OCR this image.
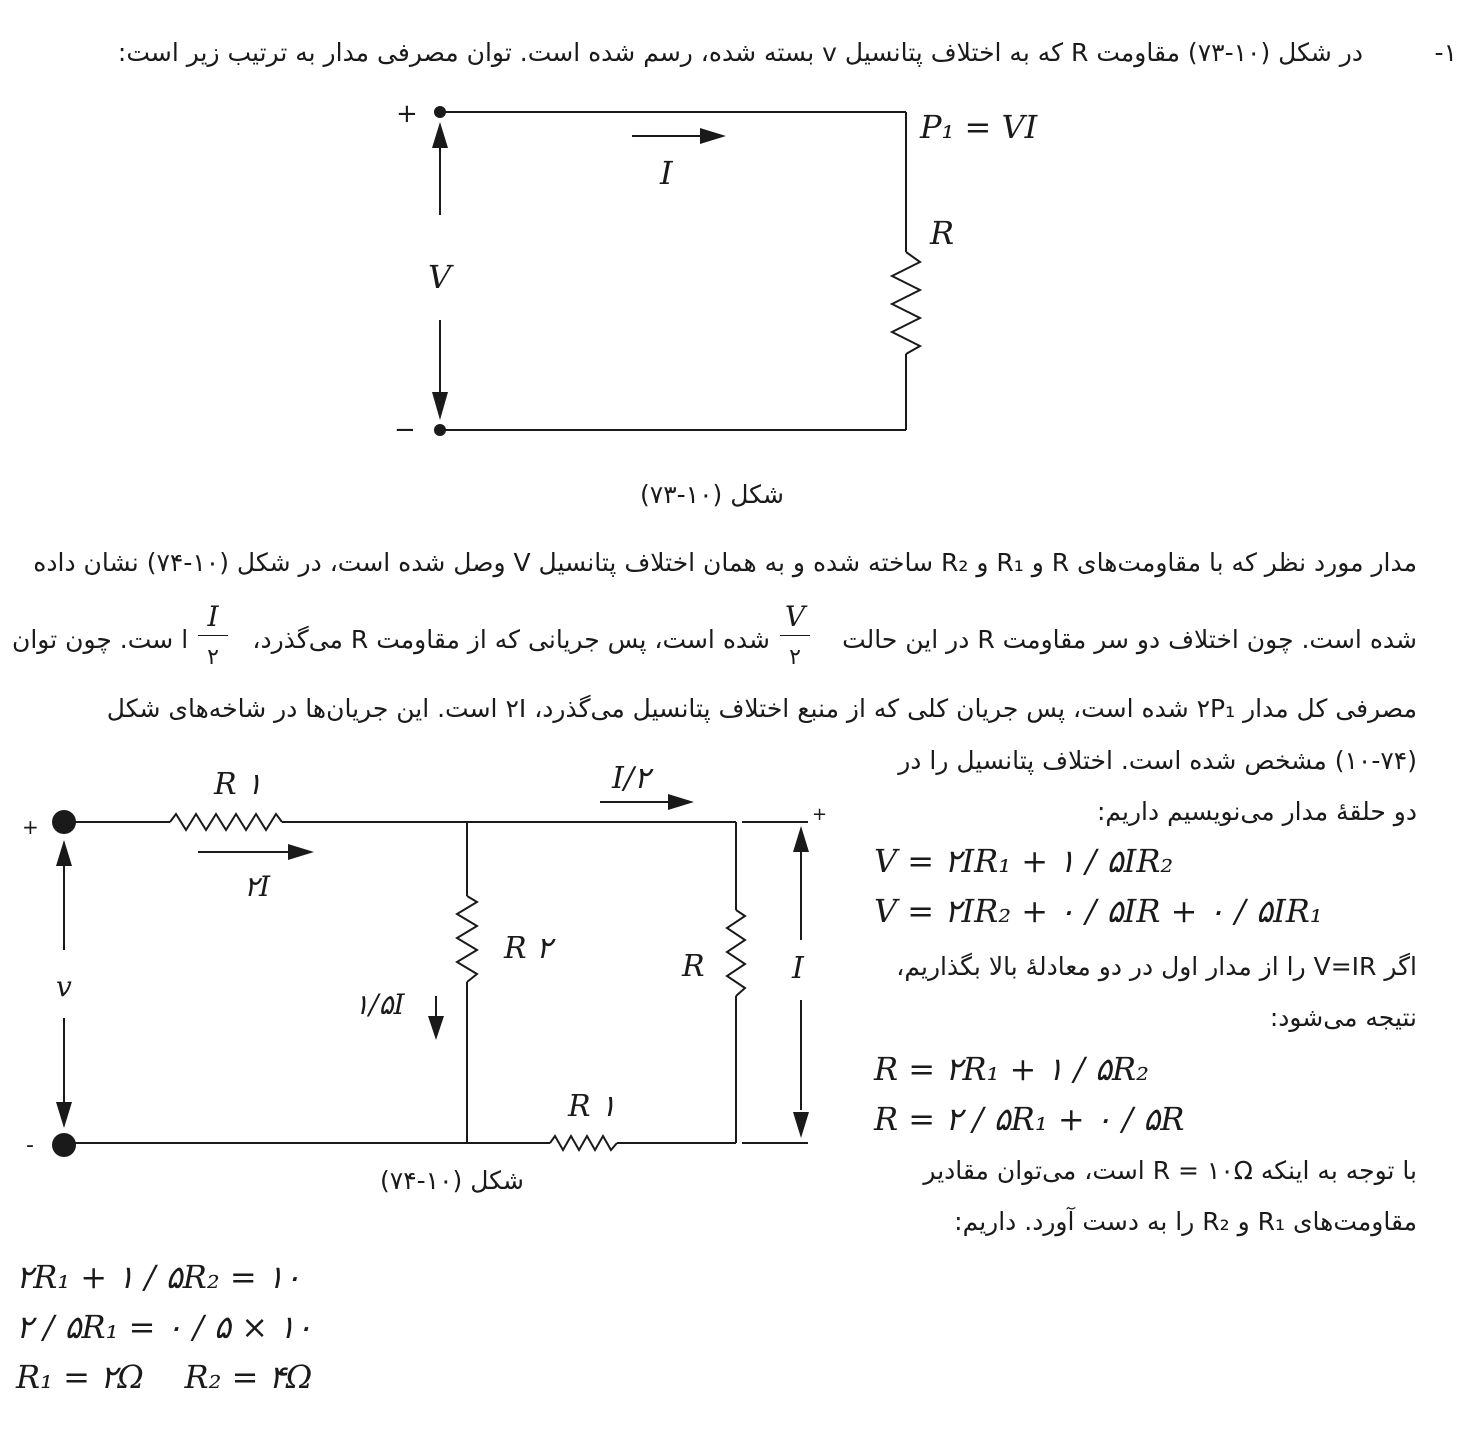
-۱
در شکل (۱۰-۷۳) مقاومت R که به اختلاف پتانسیل v بسته شده، رسم شده است. توان مصرفی مدار به ترتیب زیر است:
+
−
I
V
P₁ = VI
R
شکل (۱۰-۷۳)
مدار مورد نظر که با مقاومت‌های R و R₁ و R₂ ساخته شده و به همان اختلاف پتانسیل V وصل شده است، در شکل (۱۰-۷۴) نشان داده
شده است. چون اختلاف دو سر مقاومت R در این حالت
V
۲
شده است، پس جریانی که از مقاومت R می‌گذرد،
I
۲
ا ست. چون توان
مصرفی کل مدار ۲P₁ شده است، پس جریان کلی که از منبع اختلاف پتانسیل می‌گذرد، ۲I است. این جریان‌ها در شاخه‌های شکل
(۱۰-۷۴) مشخص شده است. اختلاف پتانسیل را در
دو حلقهٔ مدار می‌نویسیم داریم:
+
-
+
R ۱
R ۱
R ۲
R
۲I
I/۲
۱/۵I
I
v
شکل (۱۰-۷۴)
V = ۲IR₁ + ۱ / ۵IR₂
V = ۲IR₂ + ۰ / ۵IR + ۰ / ۵IR₁
اگر V=IR را از مدار اول در دو معادلهٔ بالا بگذاریم،
نتیجه می‌شود:
R = ۲R₁ + ۱ / ۵R₂
R = ۲ / ۵R₁ + ۰ / ۵R
با توجه به اینکه R = ۱۰Ω است، می‌توان مقادیر
مقاومت‌های R₁ و R₂ را به دست آورد. داریم:
۲R₁ + ۱ / ۵R₂ = ۱۰
۲ / ۵R₁ = ۰ / ۵ × ۱۰
R₁ = ۲Ω    R₂ = ۴Ω
